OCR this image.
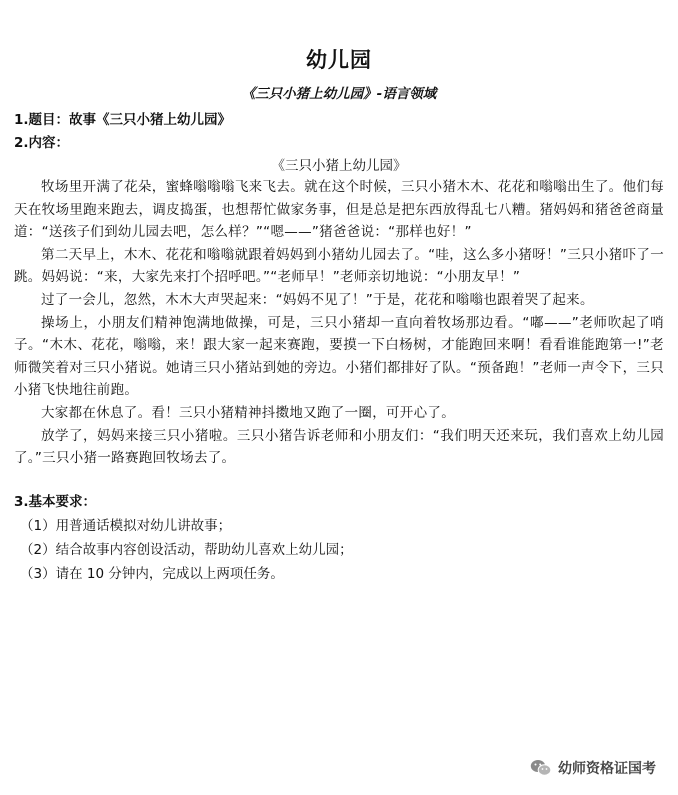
幼儿园
《三只小猪上幼儿园》-语言领域
1.题目：故事《三只小猪上幼儿园》
2.内容：
《三只小猪上幼儿园》

牧场里开满了花朵，蜜蜂嗡嗡嗡飞来飞去。就在这个时候，三只小猪木木、花花和嗡嗡出生了。他们每天在牧场里跑来跑去，调皮捣蛋，也想帮忙做家务事，但是总是把东西放得乱七八糟。猪妈妈和猪爸爸商量道：“送孩子们到幼儿园去吧，怎么样？”“嗯——”猪爸爸说：“那样也好！”

第二天早上，木木、花花和嗡嗡就跟着妈妈到小猪幼儿园去了。“哇，这么多小猪呀！”三只小猪吓了一跳。妈妈说：“来，大家先来打个招呼吧。”“老师早！”老师亲切地说：“小朋友早！”

过了一会儿，忽然，木木大声哭起来：“妈妈不见了！”于是，花花和嗡嗡也跟着哭了起来。

操场上，小朋友们精神饱满地做操，可是，三只小猪却一直向着牧场那边看。“嘟——”老师吹起了哨子。“木木、花花，嗡嗡，来！跟大家一起来赛跑，要摸一下白杨树，才能跑回来啊！看看谁能跑第一!”老师微笑着对三只小猪说。她请三只小猪站到她的旁边。小猪们都排好了队。“预备跑！”老师一声令下，三只小猪飞快地往前跑。

大家都在休息了。看！三只小猪精神抖擞地又跑了一圈，可开心了。

放学了，妈妈来接三只小猪啦。三只小猪告诉老师和小朋友们：“我们明天还来玩，我们喜欢上幼儿园了。”三只小猪一路赛跑回牧场去了。

3.基本要求：
（1）用普通话模拟对幼儿讲故事；
（2）结合故事内容创设活动，帮助幼儿喜欢上幼儿园；
（3）请在 10 分钟内，完成以上两项任务。
幼师资格证国考
